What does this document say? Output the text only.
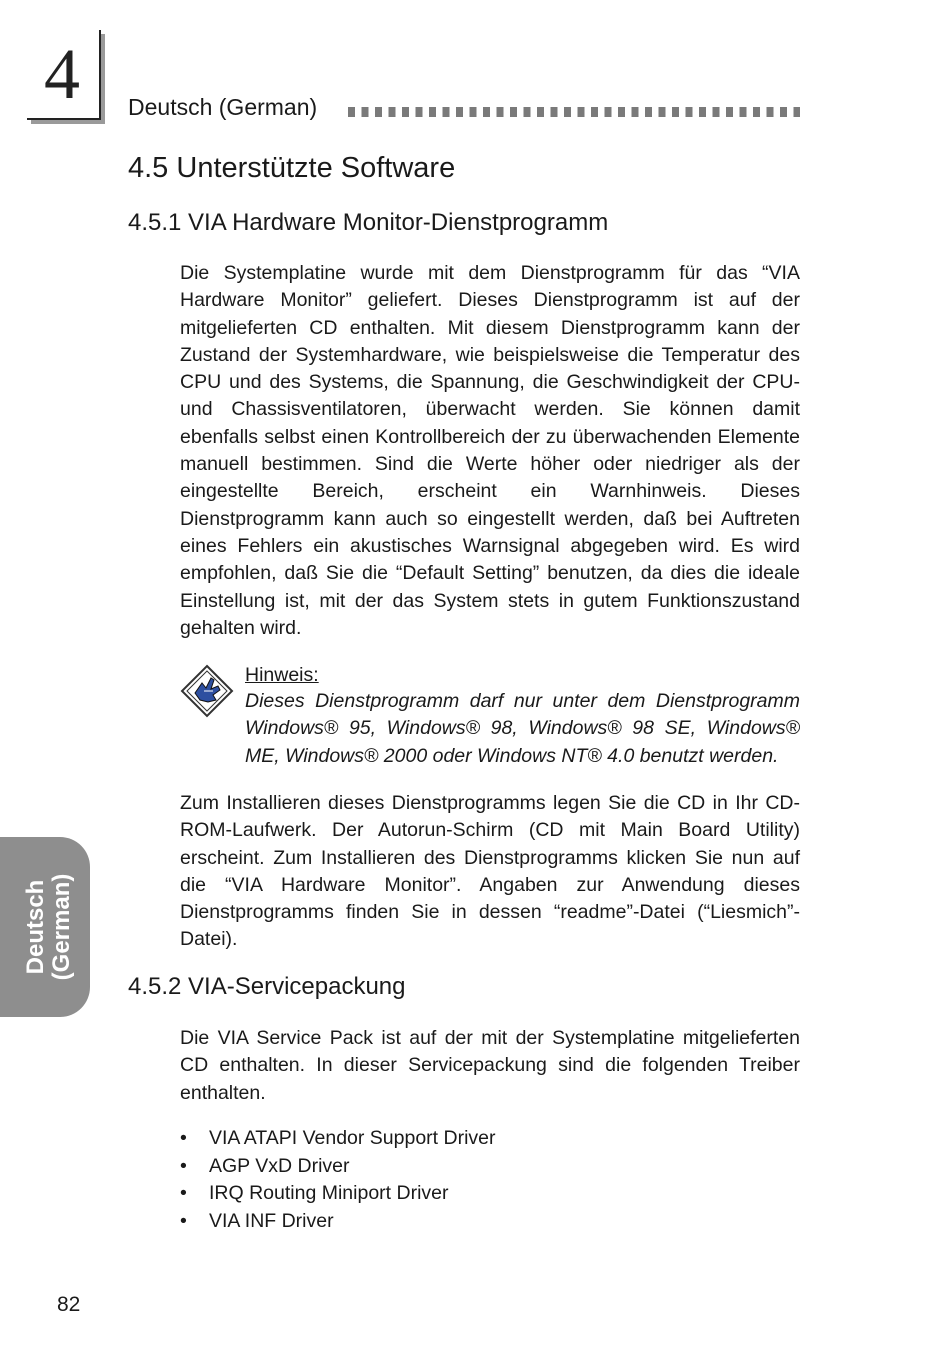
4 Deutsch (German)
4.5 Unterstützte Software
4.5.1 VIA Hardware Monitor-Dienstprogramm

Die Systemplatine wurde mit dem Dienstprogramm für das “VIA Hardware Monitor” geliefert. Dieses Dienstprogramm ist auf der mitgelieferten CD enthalten. Mit diesem Dienstprogramm kann der Zustand der Systemhardware, wie beispielsweise die Temperatur des CPU und des Systems, die Spannung, die Geschwindigkeit der CPU- und Chassisventilatoren, überwacht werden. Sie können damit ebenfalls selbst einen Kontrollbereich der zu überwachenden Elemente manuell bestimmen. Sind die Werte höher oder niedriger als der eingestellte Bereich, erscheint ein Warnhinweis. Dieses Dienstprogramm kann auch so eingestellt werden, daß bei Auftreten eines Fehlers ein akustisches Warnsignal abgegeben wird. Es wird empfohlen, daß Sie die “Default Setting” benutzen, da dies die ideale Einstellung ist, mit der das System stets in gutem Funktionszustand gehalten wird.

Hinweis:

Dieses Dienstprogramm darf nur unter dem Dienstprogramm Windows® 95, Windows® 98, Windows® 98 SE, Windows® ME, Windows® 2000 oder Windows NT® 4.0 benutzt werden.

Zum Installieren dieses Dienstprogramms legen Sie die CD in Ihr CD-ROM-Laufwerk. Der Autorun-Schirm (CD mit Main Board Utility) erscheint. Zum Installieren des Dienstprogramms klicken Sie nun auf die “VIA Hardware Monitor”. Angaben zur Anwendung dieses Dienstprogramms finden Sie in dessen “readme”-Datei (“Liesmich”-Datei).

4.5.2 VIA-Servicepackung

Die VIA Service Pack ist auf der mit der Systemplatine mitgelieferten CD enthalten. In dieser Servicepackung sind die folgenden Treiber enthalten.

• VIA ATAPI Vendor Support Driver
• AGP VxD Driver
• IRQ Routing Miniport Driver
• VIA INF Driver
Deutsch (German)
82
